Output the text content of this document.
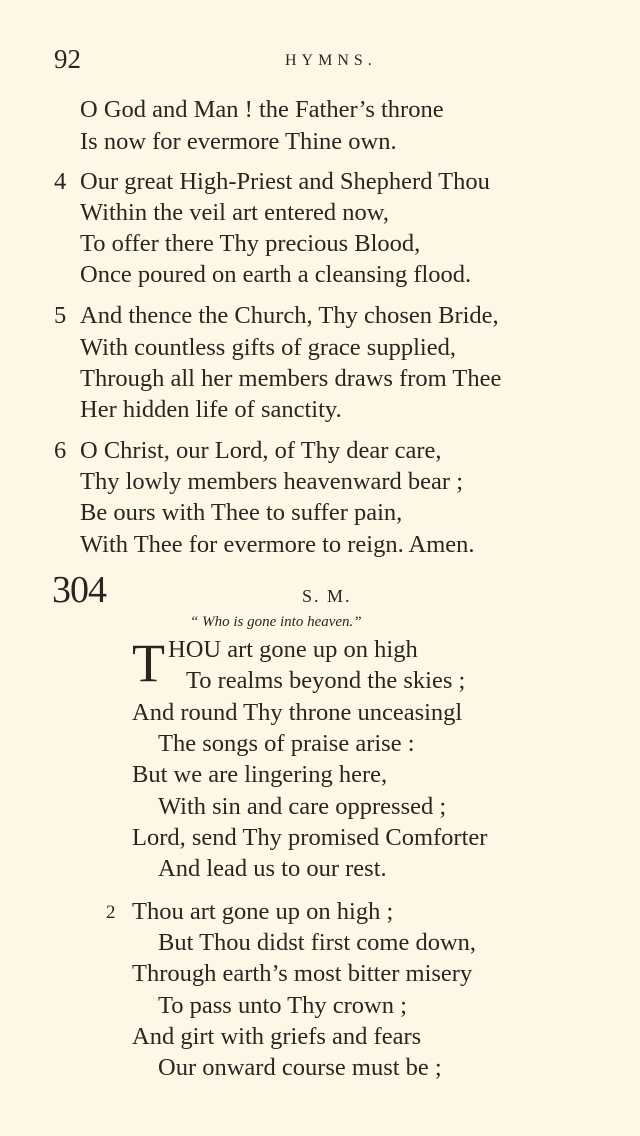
92	HYMNS.
O God and Man ! the Father’s throne
Is now for evermore Thine own.
4 Our great High-Priest and Shepherd Thou
Within the veil art entered now,
To offer there Thy precious Blood,
Once poured on earth a cleansing flood.
5 And thence the Church, Thy chosen Bride,
With countless gifts of grace supplied,
Through all her members draws from Thee
Her hidden life of sanctity.
6 O Christ, our Lord, of Thy dear care,
Thy lowly members heavenward bear ;
Be ours with Thee to suffer pain,
With Thee for evermore to reign. Amen.
304	S. M.
“ Who is gone into heaven.”
T HOU art gone up on high
To realms beyond the skies ;
And round Thy throne unceasingl
The songs of praise arise :
But we are lingering here,
With sin and care oppressed ;
Lord, send Thy promised Comforter
And lead us to our rest.
2 Thou art gone up on high ;
But Thou didst first come down,
Through earth’s most bitter misery
To pass unto Thy crown ;
And girt with griefs and fears
Our onward course must be ;
